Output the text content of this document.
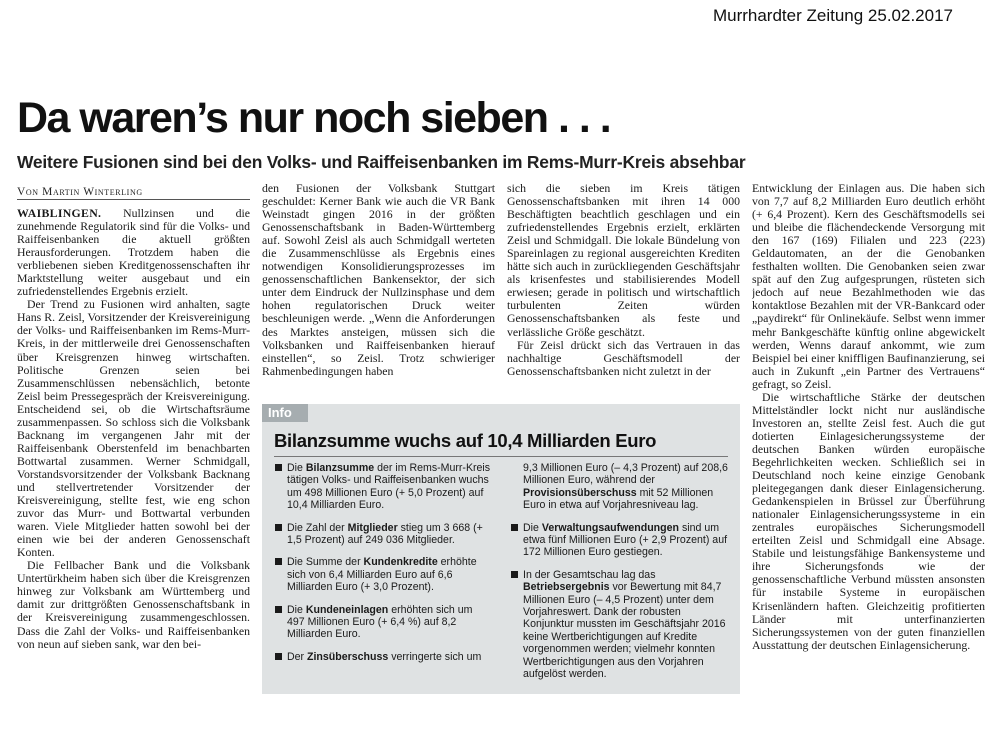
Murrhardter Zeitung 25.02.2017
Da waren’s nur noch sieben . . .
Weitere Fusionen sind bei den Volks- und Raiffeisenbanken im Rems-Murr-Kreis absehbar
Von Martin Winterling

WAIBLINGEN. Nullzinsen und die zunehmende Regulatorik sind für die Volks- und Raiffeisenbanken die aktuell größten Herausforderungen. Trotzdem haben die verbliebenen sieben Kreditgenossenschaften ihr Marktstellung weiter ausgebaut und ein zufriedenstellendes Ergebnis erzielt.

Der Trend zu Fusionen wird anhalten, sagte Hans R. Zeisl, Vorsitzender der Kreisvereinigung der Volks- und Raiffeisenbanken im Rems-Murr-Kreis, in der mittlerweile drei Genossenschaften über Kreisgrenzen hinweg wirtschaften. Politische Grenzen seien bei Zusammenschlüssen nebensächlich, betonte Zeisl beim Pressegespräch der Kreisvereinigung. Entscheidend sei, ob die Wirtschaftsräume zusammenpassen. So schloss sich die Volksbank Backnang im vergangenen Jahr mit der Raiffeisenbank Oberstenfeld im benachbarten Bottwartal zusammen. Werner Schmidgall, Vorstandsvorsitzender der Volksbank Backnang und stellvertretender Vorsitzender der Kreisvereinigung, stellte fest, wie eng schon zuvor das Murr- und Bottwartal verbunden waren. Viele Mitglieder hatten sowohl bei der einen wie bei der anderen Genossenschaft Konten.

Die Fellbacher Bank und die Volksbank Untertürkheim haben sich über die Kreisgrenzen hinweg zur Volksbank am Württemberg und damit zur drittgrößten Genossenschaftsbank in der Kreisvereinigung zusammengeschlossen. Dass die Zahl der Volks- und Raiffeisenbanken von neun auf sieben sank, war den bei-

den Fusionen der Volksbank Stuttgart geschuldet: Kerner Bank wie auch die VR Bank Weinstadt gingen 2016 in der größten Genossenschaftsbank in Baden-Württemberg auf. Sowohl Zeisl als auch Schmidgall werteten die Zusammenschlüsse als Ergebnis eines notwendigen Konsolidierungsprozesses im genossenschaftlichen Bankensektor, der sich unter dem Eindruck der Nullzinsphase und dem hohen regulatorischen Druck weiter beschleunigen werde. „Wenn die Anforderungen des Marktes ansteigen, müssen sich die Volksbanken und Raiffeisenbanken hierauf einstellen“, so Zeisl. Trotz schwieriger Rahmenbedingungen haben

sich die sieben im Kreis tätigen Genossenschaftsbanken mit ihren 14 000 Beschäftigten beachtlich geschlagen und ein zufriedenstellendes Ergebnis erzielt, erklärten Zeisl und Schmidgall. Die lokale Bündelung von Spareinlagen zu regional ausgereichten Krediten hätte sich auch in zurückliegenden Geschäftsjahr als krisenfestes und stabilisierendes Modell erwiesen; gerade in politisch und wirtschaftlich turbulenten Zeiten würden Genossenschaftsbanken als feste und verlässliche Größe geschätzt.

Für Zeisl drückt sich das Vertrauen in das nachhaltige Geschäftsmodell der Genossenschaftsbanken nicht zuletzt in der

Entwicklung der Einlagen aus. Die haben sich von 7,7 auf 8,2 Milliarden Euro deutlich erhöht (+ 6,4 Prozent). Kern des Geschäftsmodells sei und bleibe die flächendeckende Versorgung mit den 167 (169) Filialen und 223 (223) Geldautomaten, an der die Genobanken festhalten wollten. Die Genobanken seien zwar spät auf den Zug aufgesprungen, rüsteten sich jedoch auf neue Bezahlmethoden wie das kontaktlose Bezahlen mit der VR-Bankcard oder „paydirekt“ für Onlinekäufe. Selbst wenn immer mehr Bankgeschäfte künftig online abgewickelt werden, Wenns darauf ankommt, wie zum Beispiel bei einer kniffligen Baufinanzierung, sei auch in Zukunft „ein Partner des Vertrauens“ gefragt, so Zeisl.

Die wirtschaftliche Stärke der deutschen Mittelständler lockt nicht nur ausländische Investoren an, stellte Zeisl fest. Auch die gut dotierten Einlagesicherungssysteme der deutschen Banken würden europäische Begehrlichkeiten wecken. Schließlich sei in Deutschland noch keine einzige Genobank pleitegegangen dank dieser Einlagensicherung. Gedankenspielen in Brüssel zur Überführung nationaler Einlagensicherungssysteme in ein zentrales europäisches Sicherungsmodell erteilten Zeisl und Schmidgall eine Absage. Stabile und leistungsfähige Bankensysteme und ihre Sicherungsfonds wie der genossenschaftliche Verbund müssten ansonsten für instabile Systeme in europäischen Krisenländern haften. Gleichzeitig profitierten Länder mit unterfinanzierten Sicherungssystemen von der guten finanziellen Ausstattung der deutschen Einlagensicherung.

Info
Bilanzsumme wuchs auf 10,4 Milliarden Euro
Die Bilanzsumme der im Rems-Murr-Kreis tätigen Volks- und Raiffeisenbanken wuchs um 498 Millionen Euro (+ 5,0 Prozent) auf 10,4 Milliarden Euro.
Die Zahl der Mitglieder stieg um 3 668 (+ 1,5 Prozent) auf 249 036 Mitglieder.
Die Summe der Kundenkredite erhöhte sich von 6,4 Milliarden Euro auf 6,6 Milliarden Euro (+ 3,0 Prozent).
Die Kundeneinlagen erhöhten sich um 497 Millionen Euro (+ 6,4 %) auf 8,2 Milliarden Euro.
Der Zinsüberschuss verringerte sich um
9,3 Millionen Euro (– 4,3 Prozent) auf 208,6 Millionen Euro, während der Provisionsüberschuss mit 52 Millionen Euro in etwa auf Vorjahresniveau lag.
Die Verwaltungsaufwendungen sind um etwa fünf Millionen Euro (+ 2,9 Prozent) auf 172 Millionen Euro gestiegen.
In der Gesamtschau lag das Betriebsergebnis vor Bewertung mit 84,7 Millionen Euro (– 4,5 Prozent) unter dem Vorjahreswert. Dank der robusten Konjunktur mussten im Geschäftsjahr 2016 keine Wertberichtigungen auf Kredite vorgenommen werden; vielmehr konnten Wertberichtigungen aus den Vorjahren aufgelöst werden.
